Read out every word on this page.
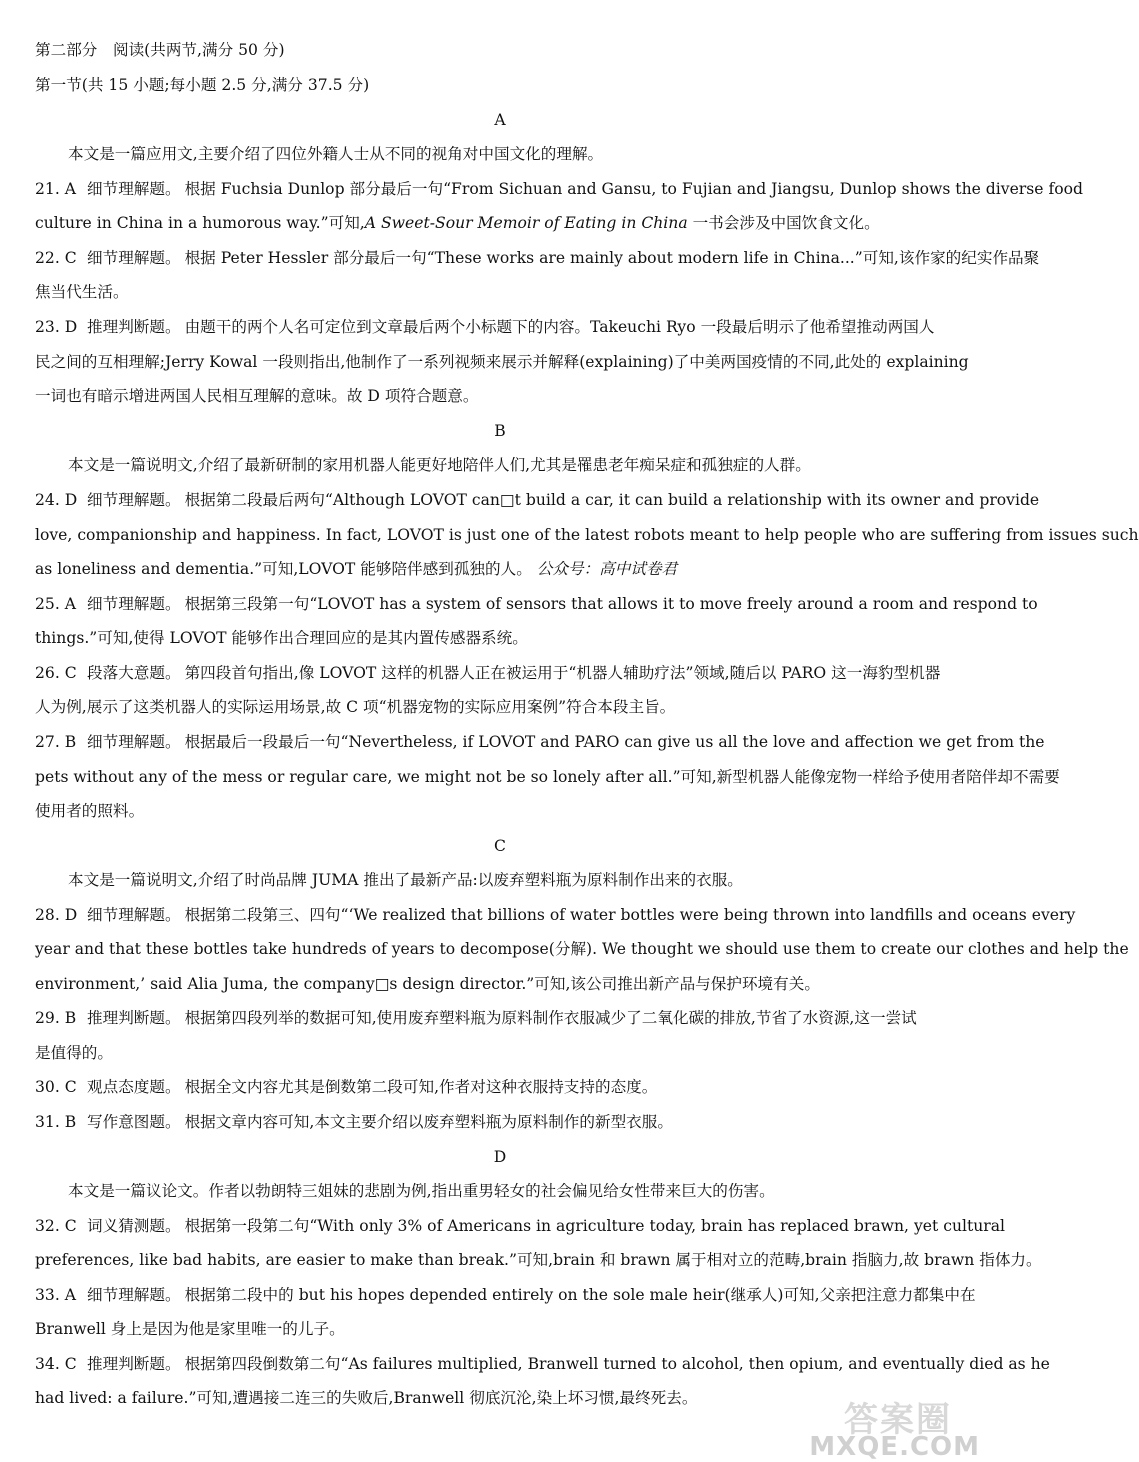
第二部分　阅读(共两节,满分 50 分)
第一节(共 15 小题;每小题 2.5 分,满分 37.5 分)
A
本文是一篇应用文,主要介绍了四位外籍人士从不同的视角对中国文化的理解。
21. A 细节理解题。 根据 Fuchsia Dunlop 部分最后一句“From Sichuan and Gansu, to Fujian and Jiangsu, Dunlop shows the diverse food
culture in China in a humorous way.”可知,A Sweet-Sour Memoir of Eating in China 一书会涉及中国饮食文化。
22. C 细节理解题。 根据 Peter Hessler 部分最后一句“These works are mainly about modern life in China...”可知,该作家的纪实作品聚
焦当代生活。
23. D 推理判断题。 由题干的两个人名可定位到文章最后两个小标题下的内容。Takeuchi Ryo 一段最后明示了他希望推动两国人
民之间的互相理解;Jerry Kowal 一段则指出,他制作了一系列视频来展示并解释(explaining)了中美两国疫情的不同,此处的 explaining
一词也有暗示增进两国人民相互理解的意味。故 D 项符合题意。
B
本文是一篇说明文,介绍了最新研制的家用机器人能更好地陪伴人们,尤其是罹患老年痴呆症和孤独症的人群。
24. D 细节理解题。 根据第二段最后两句“Although LOVOT can□t build a car, it can build a relationship with its owner and provide
love, companionship and happiness. In fact, LOVOT is just one of the latest robots meant to help people who are suffering from issues such
as loneliness and dementia.”可知,LOVOT 能够陪伴感到孤独的人。 公众号：高中试卷君
25. A 细节理解题。 根据第三段第一句“LOVOT has a system of sensors that allows it to move freely around a room and respond to
things.”可知,使得 LOVOT 能够作出合理回应的是其内置传感器系统。
26. C 段落大意题。 第四段首句指出,像 LOVOT 这样的机器人正在被运用于“机器人辅助疗法”领域,随后以 PARO 这一海豹型机器
人为例,展示了这类机器人的实际运用场景,故 C 项“机器宠物的实际应用案例”符合本段主旨。
27. B 细节理解题。 根据最后一段最后一句“Nevertheless, if LOVOT and PARO can give us all the love and affection we get from the
pets without any of the mess or regular care, we might not be so lonely after all.”可知,新型机器人能像宠物一样给予使用者陪伴却不需要
使用者的照料。
C
本文是一篇说明文,介绍了时尚品牌 JUMA 推出了最新产品:以废弃塑料瓶为原料制作出来的衣服。
28. D 细节理解题。 根据第二段第三、四句“‘We realized that billions of water bottles were being thrown into landfills and oceans every
year and that these bottles take hundreds of years to decompose(分解). We thought we should use them to create our clothes and help the
environment,’ said Alia Juma, the company□s design director.”可知,该公司推出新产品与保护环境有关。
29. B 推理判断题。 根据第四段列举的数据可知,使用废弃塑料瓶为原料制作衣服减少了二氧化碳的排放,节省了水资源,这一尝试
是值得的。
30. C 观点态度题。 根据全文内容尤其是倒数第二段可知,作者对这种衣服持支持的态度。
31. B 写作意图题。 根据文章内容可知,本文主要介绍以废弃塑料瓶为原料制作的新型衣服。
D
本文是一篇议论文。作者以勃朗特三姐妹的悲剧为例,指出重男轻女的社会偏见给女性带来巨大的伤害。
32. C 词义猜测题。 根据第一段第二句“With only 3% of Americans in agriculture today, brain has replaced brawn, yet cultural
preferences, like bad habits, are easier to make than break.”可知,brain 和 brawn 属于相对立的范畴,brain 指脑力,故 brawn 指体力。
33. A 细节理解题。 根据第二段中的 but his hopes depended entirely on the sole male heir(继承人)可知,父亲把注意力都集中在
Branwell 身上是因为他是家里唯一的儿子。
34. C 推理判断题。 根据第四段倒数第二句“As failures multiplied, Branwell turned to alcohol, then opium, and eventually died as he
had lived: a failure.”可知,遭遇接二连三的失败后,Branwell 彻底沉沦,染上坏习惯,最终死去。
答案圈
MXQE.COM
